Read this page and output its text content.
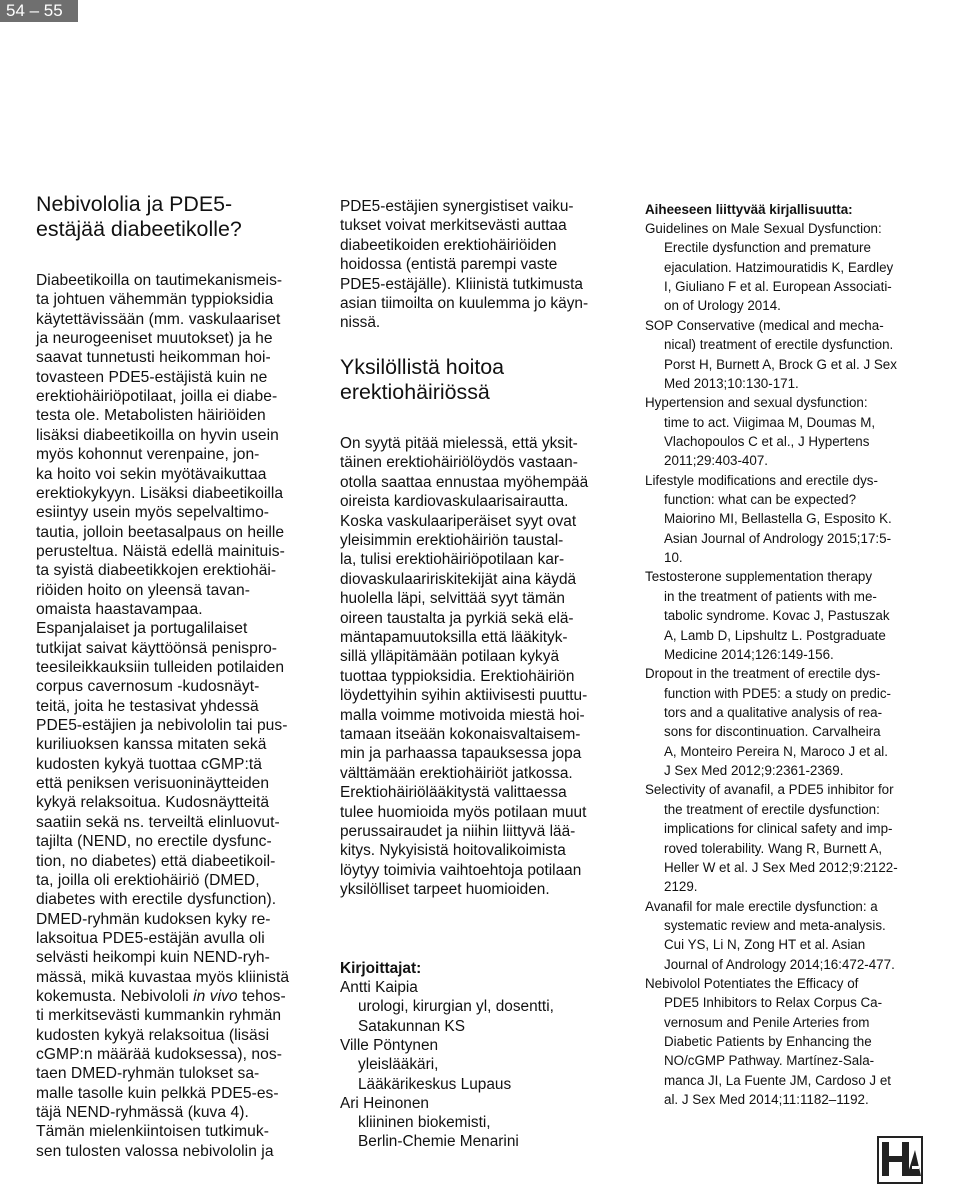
54 – 55
Nebivololia ja PDE5-
estäjää diabeetikolle?
Diabeetikoilla on tautimekanismeis-
ta johtuen vähemmän typpioksidia
käytettävissään (mm. vaskulaariset
ja neurogeeniset muutokset) ja he
saavat tunnetusti heikomman hoi-
tovasteen PDE5-estäjistä kuin ne
erektiohäiriöpotilaat, joilla ei diabe-
testa ole. Metabolisten häiriöiden
lisäksi diabeetikoilla on hyvin usein
myös kohonnut verenpaine, jon-
ka hoito voi sekin myötävaikuttaa
erektiokykyyn. Lisäksi diabeetikoilla
esiintyy usein myös sepelvaltimo-
tautia, jolloin beetasalpaus on heille
perusteltua. Näistä edellä mainituis-
ta syistä diabeetikkojen erektiohäi-
riöiden hoito on yleensä tavan-
omaista haastavampaa.
Espanjalaiset ja portugalilaiset
tutkijat saivat käyttöönsä penispro-
teesileikkauksiin tulleiden potilaiden
corpus cavernosum -kudosnäyt-
teitä, joita he testasivat yhdessä
PDE5-estäjien ja nebivololin tai pus-
kuriliuoksen kanssa mitaten sekä
kudosten kykyä tuottaa cGMP:tä
että peniksen verisuoninäytteiden
kykyä relaksoitua. Kudosnäytteitä
saatiin sekä ns. terveiltä elinluovut-
tajilta (NEND, no erectile dysfunc-
tion, no diabetes) että diabeetikoil-
ta, joilla oli erektiohäiriö (DMED,
diabetes with erectile dysfunction).
DMED-ryhmän kudoksen kyky re-
laksoitua PDE5-estäjän avulla oli
selvästi heikompi kuin NEND-ryh-
mässä, mikä kuvastaa myös kliinistä
kokemusta. Nebivololi in vivo tehos-
ti merkitsevästi kummankin ryhmän
kudosten kykyä relaksoitua (lisäsi
cGMP:n määrää kudoksessa), nos-
taen DMED-ryhmän tulokset sa-
malle tasolle kuin pelkkä PDE5-es-
täjä NEND-ryhmässä (kuva 4).
Tämän mielenkiintoisen tutkimuk-
sen tulosten valossa nebivololin ja
PDE5-estäjien synergistiset vaiku-
tukset voivat merkitsevästi auttaa
diabeetikoiden erektiohäiriöiden
hoidossa (entistä parempi vaste
PDE5-estäjälle). Kliinistä tutkimusta
asian tiimoilta on kuulemma jo käyn-
nissä.
Yksilöllistä hoitoa
erektiohäiriössä
On syytä pitää mielessä, että yksit-
täinen erektiohäiriölöydös vastaan-
otolla saattaa ennustaa myöhempää
oireista kardiovaskulaarisairautta.
Koska vaskulaariperäiset syyt ovat
yleisimmin erektiohäiriön taustal-
la, tulisi erektiohäiriöpotilaan kar-
diovaskulaaririskitekijät aina käydä
huolella läpi, selvittää syyt tämän
oireen taustalta ja pyrkiä sekä elä-
mäntapamuutoksilla että lääkityk-
sillä ylläpitämään potilaan kykyä
tuottaa typpioksidia. Erektiohäiriön
löydettyihin syihin aktiivisesti puuttu-
malla voimme motivoida miestä hoi-
tamaan itseään kokonaisvaltaisem-
min ja parhaassa tapauksessa jopa
välttämään erektiohäiriöt jatkossa.
Erektiohäiriölääkitystä valittaessa
tulee huomioida myös potilaan muut
perussairaudet ja niihin liittyvä lää-
kitys. Nykyisistä hoitovalikoimista
löytyy toimivia vaihtoehtoja potilaan
yksilölliset tarpeet huomioiden.
Kirjoittajat:
Antti Kaipia
urologi, kirurgian yl, dosentti,
Satakunnan KS
Ville Pöntynen
yleislääkäri,
Lääkärikeskus Lupaus
Ari Heinonen
kliininen biokemisti,
Berlin-Chemie Menarini
Aiheeseen liittyvää kirjallisuutta:
Guidelines on Male Sexual Dysfunction:
Erectile dysfunction and premature
ejaculation. Hatzimouratidis K, Eardley
I, Giuliano F et al. European Associati-
on of Urology 2014.
SOP Conservative (medical and mecha-
nical) treatment of erectile dysfunction.
Porst H, Burnett A, Brock G et al. J Sex
Med 2013;10:130-171.
Hypertension and sexual dysfunction:
time to act. Viigimaa M, Doumas M,
Vlachopoulos C et al., J Hypertens
2011;29:403-407.
Lifestyle modifications and erectile dys-
function: what can be expected?
Maiorino MI, Bellastella G, Esposito K.
Asian Journal of Andrology 2015;17:5-
10.
Testosterone supplementation therapy
in the treatment of patients with me-
tabolic syndrome. Kovac J, Pastuszak
A, Lamb D, Lipshultz L. Postgraduate
Medicine 2014;126:149-156.
Dropout in the treatment of erectile dys-
function with PDE5: a study on predic-
tors and a qualitative analysis of rea-
sons for discontinuation. Carvalheira
A, Monteiro Pereira N, Maroco J et al.
J Sex Med 2012;9:2361-2369.
Selectivity of avanafil, a PDE5 inhibitor for
the treatment of erectile dysfunction:
implications for clinical safety and imp-
roved tolerability. Wang R, Burnett A,
Heller W et al. J Sex Med 2012;9:2122-
2129.
Avanafil for male erectile dysfunction: a
systematic review and meta-analysis.
Cui YS, Li N, Zong HT et al. Asian
Journal of Andrology 2014;16:472-477.
Nebivolol Potentiates the Efficacy of
PDE5 Inhibitors to Relax Corpus Ca-
vernosum and Penile Arteries from
Diabetic Patients by Enhancing the
NO/cGMP Pathway. Martínez-Sala-
manca JI, La Fuente JM, Cardoso J et
al. J Sex Med 2014;11:1182–1192.
